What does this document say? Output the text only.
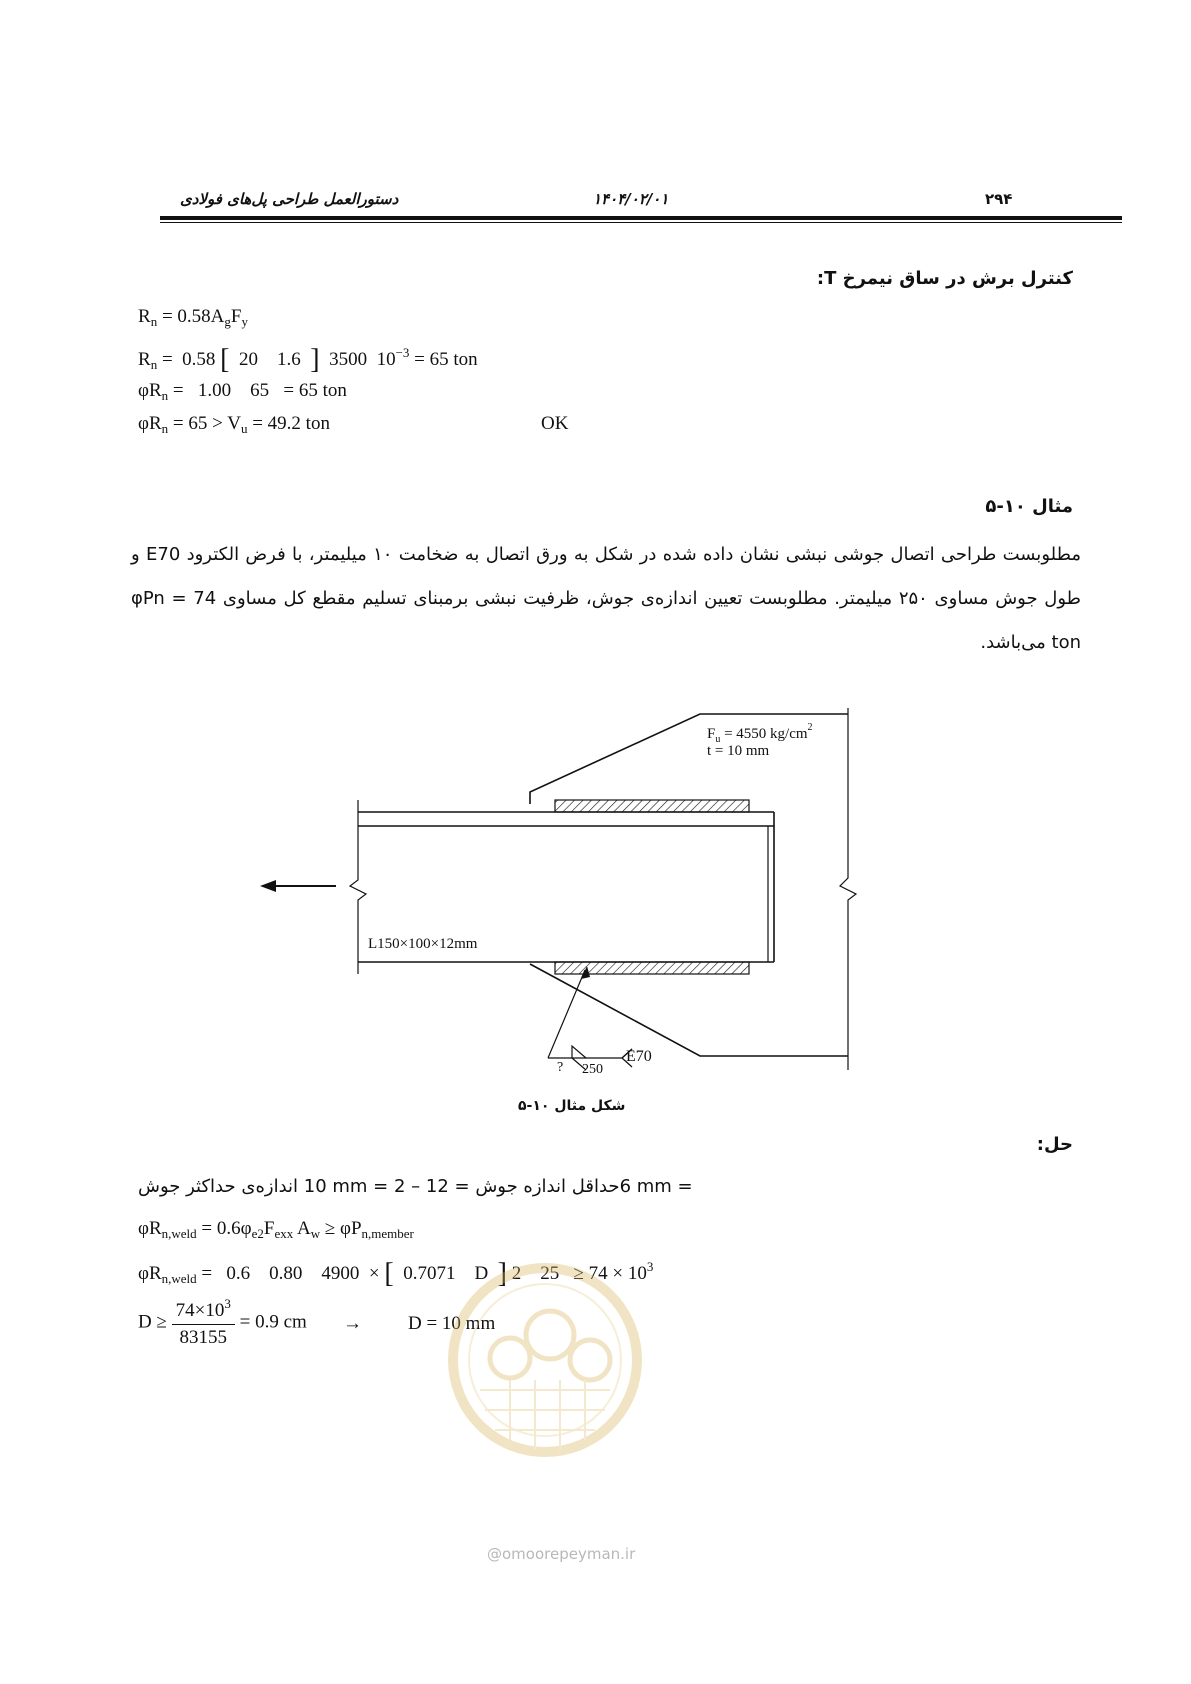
۲۹۴
۱۴۰۴/۰۲/۰۱
دستورالعمل طراحی پل‌های فولادی
کنترل برش در ساق نیمرخ T:
$R_n = 0.58A_gF_y$
$R_n = 0.58$ [  20    1.6  ]  3500  $10^{-3} = 65$ ton
$\varphi R_n = 1.00$    65   = 65 ton
$\varphi R_n = 65 > V_u = 49.2$ ton	OK
مثال ۱۰-۵
مطلوبست طراحی اتصال جوشی نبشی نشان داده شده در شکل به ورق اتصال به ضخامت ۱۰ میلیمتر، با فرض الکترود E70 و طول جوش مساوی ۲۵۰ میلیمتر. مطلوبست تعیین اندازه‌ی جوش، ظرفیت نبشی برمبنای تسلیم مقطع کل مساوی ‎φPn = 74 ton‎ می‌باشد.
$F_u = 4550$ $kg/cm^2$
t = 10 mm
L150×100×12mm
? 250
E70
شکل مثال ۱۰-۵
حل:
‎6 mm = ‎حداقل اندازه جوش‎ 10 mm = 2 – 12 = ‎اندازه‌ی حداکثر جوش
$\varphi R_{n,weld} = 0.6\varphi_{e2}F_{exx}$ $A_w \ge \varphi P_{n,member}$
$\varphi R_{n,weld} = 0.6$    0.80    4900  × [  0.7071    D  ] 2    $25 \ge 74 \times 10^3$
$D \ge \frac{74\times 10^3}{83155} = 0.9$ cm → D = 10 mm
@omoorepeyman.ir
